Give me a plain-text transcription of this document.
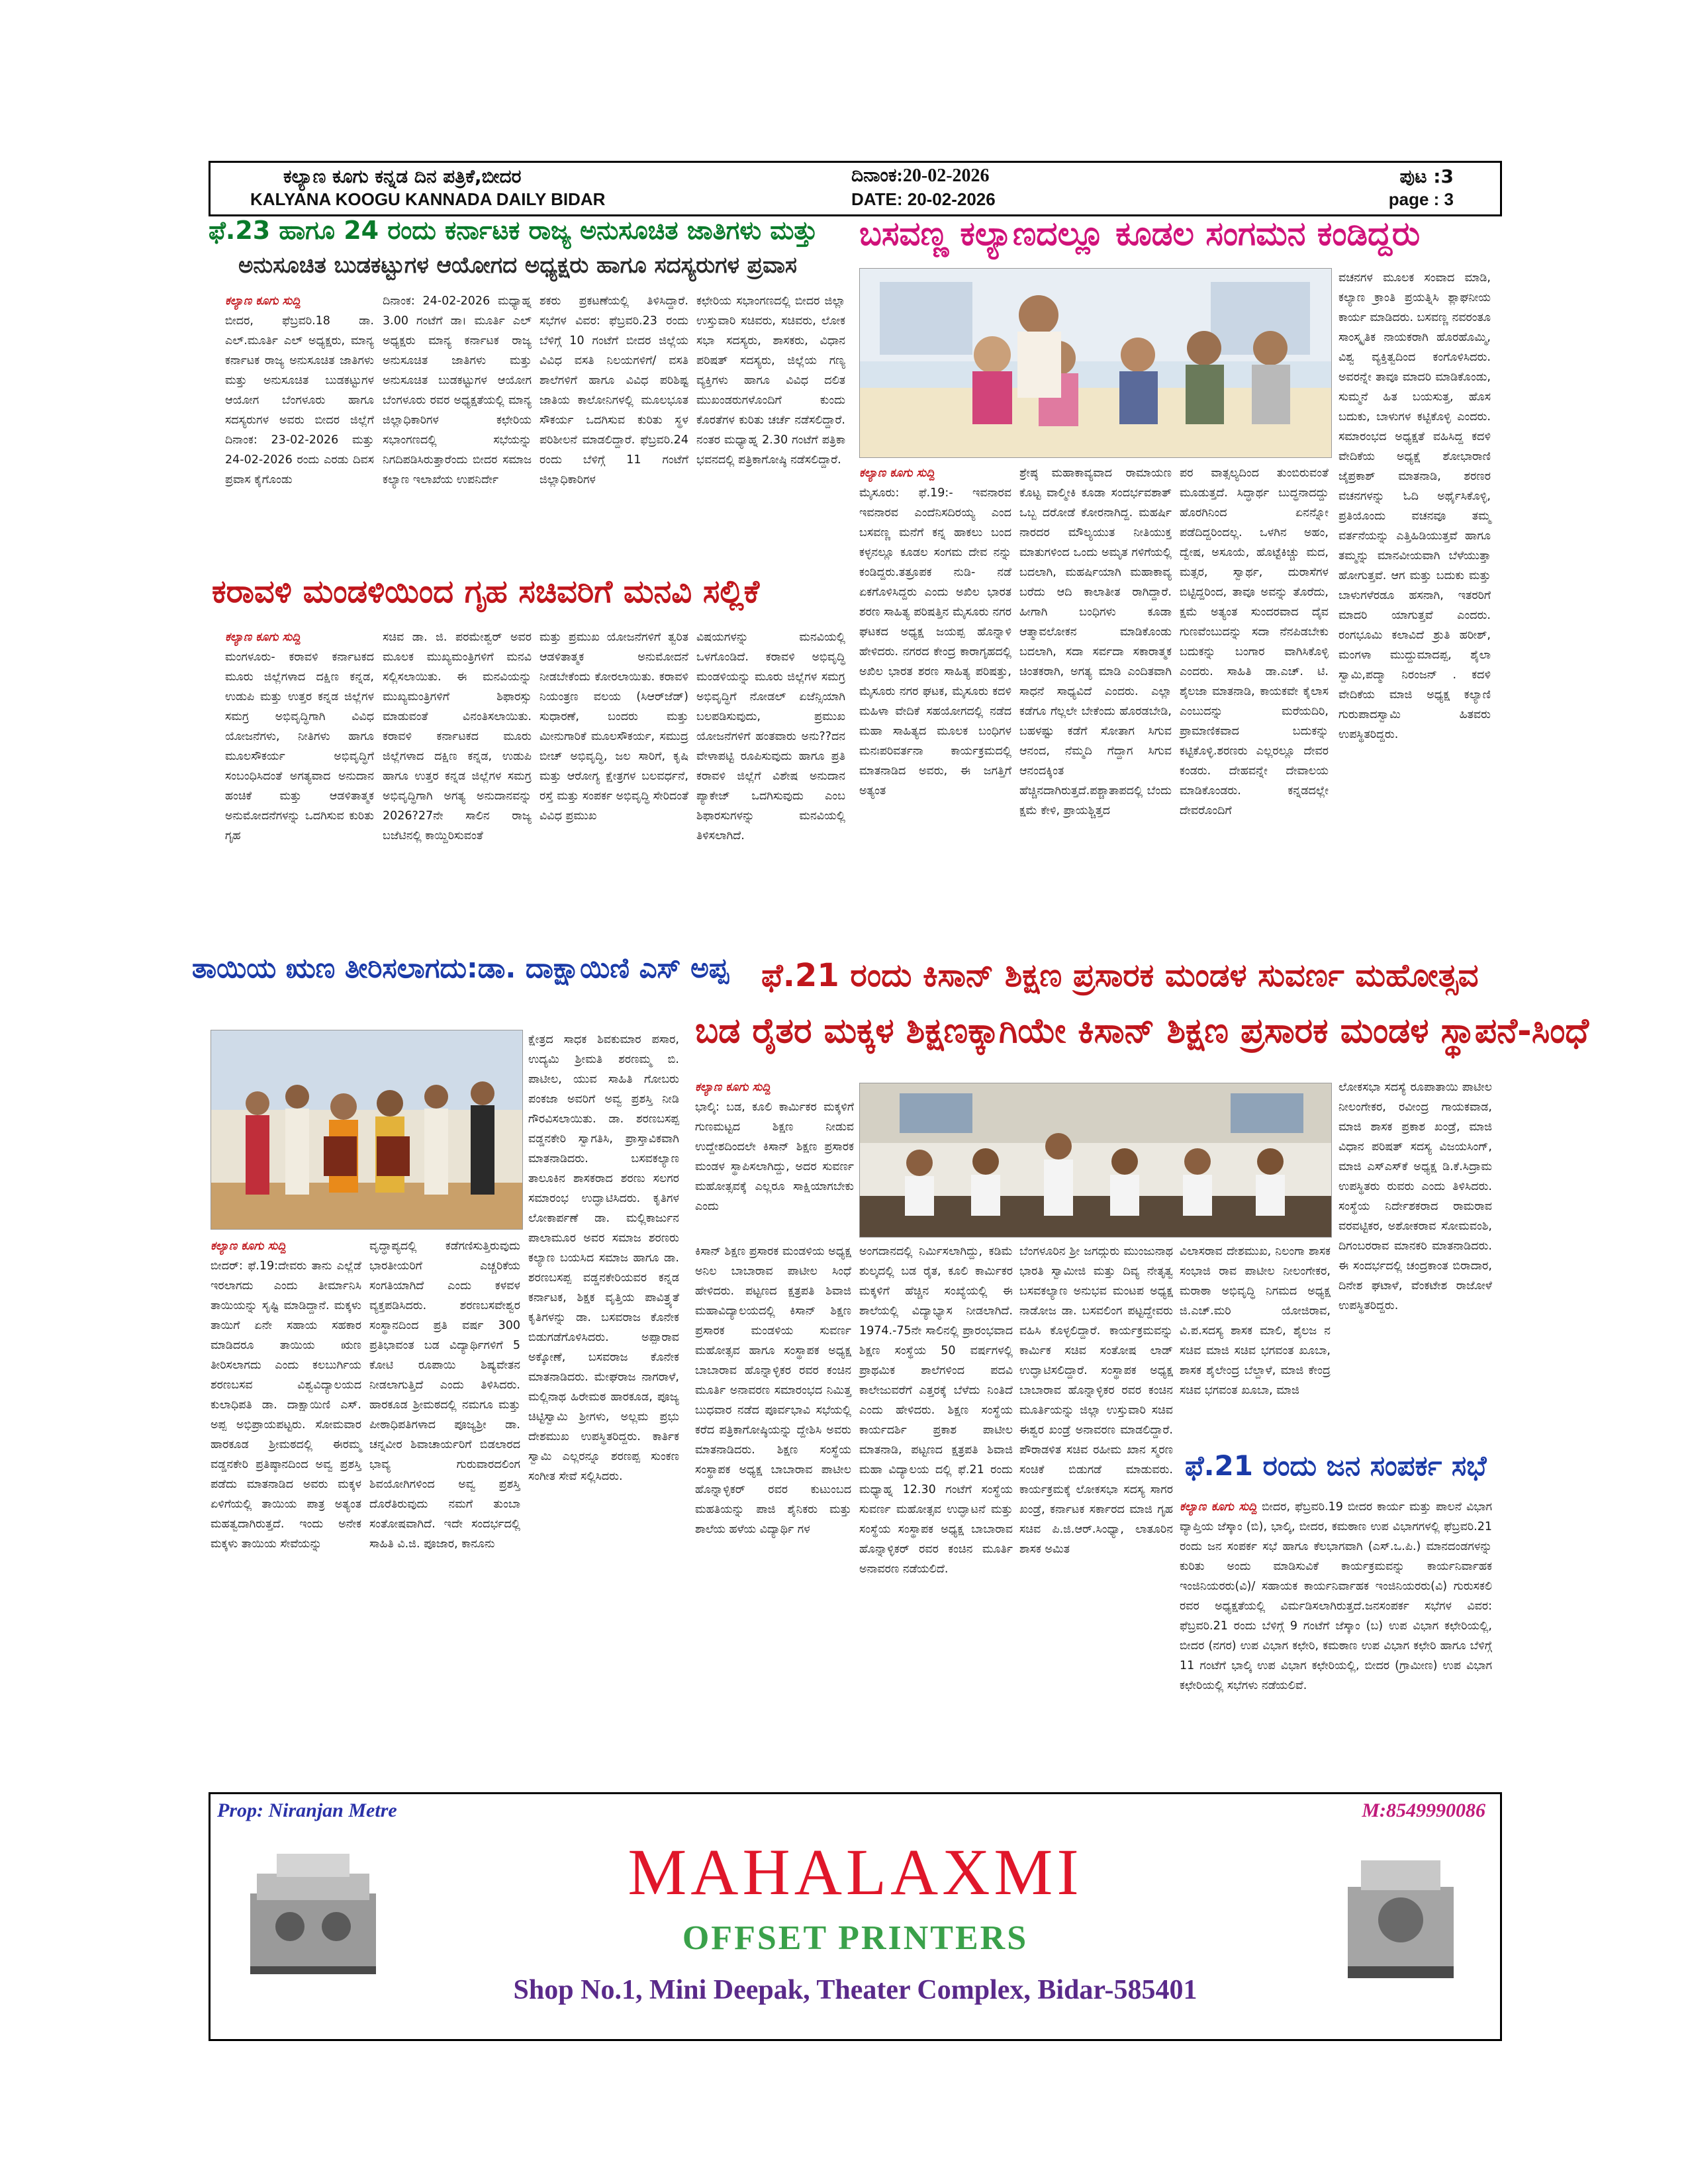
ಕಲ್ಯಾಣ ಕೂಗು ಕನ್ನಡ ದಿನ ಪತ್ರಿಕೆ,ಬೀದರ
KALYANA KOOGU KANNADA DAILY BIDAR
ದಿನಾಂಕ:20-02-2026
DATE: 20-02-2026
ಪುಟ :3
page : 3
ಫೆ.23 ಹಾಗೂ 24 ರಂದು ಕರ್ನಾಟಕ ರಾಜ್ಯ ಅನುಸೂಚಿತ ಜಾತಿಗಳು ಮತ್ತು
ಅನುಸೂಚಿತ ಬುಡಕಟ್ಟುಗಳ ಆಯೋಗದ ಅಧ್ಯಕ್ಷರು ಹಾಗೂ ಸದಸ್ಯರುಗಳ ಪ್ರವಾಸ

ಕಲ್ಯಾಣ ಕೂಗು ಸುದ್ದಿ

ಬೀದರ, ಫೆಬ್ರವರಿ.18 ಡಾ. ಎಲ್.ಮೂರ್ತಿ ಎಲ್ ಅಧ್ಯಕ್ಷರು, ಮಾನ್ಯ ಕರ್ನಾಟಕ ರಾಜ್ಯ ಅನುಸೂಚಿತ ಜಾತಿಗಳು ಮತ್ತು ಅನುಸೂಚಿತ ಬುಡಕಟ್ಟುಗಳ ಆಯೋಗ ಬೆಂಗಳೂರು ಹಾಗೂ ಸದಸ್ಯರುಗಳ ಅವರು ಬೀದರ ಜಿಲ್ಲೆಗೆ ದಿನಾಂಕ: 23-02-2026 ಮತ್ತು 24-02-2026 ರಂದು ಎರಡು ದಿವಸ ಪ್ರವಾಸ ಕೈಗೊಂಡು

ದಿನಾಂಕ: 24-02-2026 ಮಧ್ಯಾಹ್ನ 3.00 ಗಂಟೆಗೆ ಡಾ। ಮೂರ್ತಿ ಎಲ್ ಅಧ್ಯಕ್ಷರು ಮಾನ್ಯ ಕರ್ನಾಟಕ ರಾಜ್ಯ ಅನುಸೂಚಿತ ಜಾತಿಗಳು ಮತ್ತು ಅನುಸೂಚಿತ ಬುಡಕಟ್ಟುಗಳ ಆಯೋಗ ಬೆಂಗಳೂರು ರವರ ಅಧ್ಯಕ್ಷತೆಯಲ್ಲಿ ಮಾನ್ಯ ಜಿಲ್ಲಾಧಿಕಾರಿಗಳ ಕಛೇರಿಯ ಸಭಾಂಗಣದಲ್ಲಿ ಸಭೆಯನ್ನು ನಿಗದಿಪಡಿಸಿರುತ್ತಾರೆಂದು ಬೀದರ ಸಮಾಜ ಕಲ್ಯಾಣ ಇಲಾಖೆಯ ಉಪನಿರ್ದೇ

ಶಕರು ಪ್ರಕಟಣೆಯಲ್ಲಿ ತಿಳಿಸಿದ್ದಾರೆ. ಸಭೆಗಳ ವಿವರ: ಫೆಬ್ರವರಿ.23 ರಂದು ಬೆಳಿಗ್ಗೆ 10 ಗಂಟೆಗೆ ಬೀದರ ಜಿಲ್ಲೆಯ ವಿವಿಧ ವಸತಿ ನಿಲಯಗಳಿಗೆ/ ವಸತಿ ಶಾಲೆಗಳಿಗೆ ಹಾಗೂ ವಿವಿಧ ಪರಿಶಿಷ್ಟ ಜಾತಿಯ ಕಾಲೋನಿಗಳಲ್ಲಿ ಮೂಲಭೂತ ಸೌಕರ್ಯ ಒದಗಿಸುವ ಕುರಿತು ಸ್ಥಳ ಪರಿಶೀಲನೆ ಮಾಡಲಿದ್ದಾರೆ. ಫೆಬ್ರವರಿ.24 ರಂದು ಬೆಳಿಗ್ಗೆ 11 ಗಂಟೆಗೆ ಜಿಲ್ಲಾಧಿಕಾರಿಗಳ

ಕಛೇರಿಯ ಸಭಾಂಗಣದಲ್ಲಿ ಬೀದರ ಜಿಲ್ಲಾ ಉಸ್ತುವಾರಿ ಸಚಿವರು, ಸಚಿವರು, ಲೋಕ ಸಭಾ ಸದಸ್ಯರು, ಶಾಸಕರು, ವಿಧಾನ ಪರಿಷತ್ ಸದಸ್ಯರು, ಜಿಲ್ಲೆಯ ಗಣ್ಯ ವ್ಯಕ್ತಿಗಳು ಹಾಗೂ ವಿವಿಧ ದಲಿತ ಮುಖಂಡರುಗಳೊಂದಿಗೆ ಕುಂದು ಕೊರತೆಗಳ ಕುರಿತು ಚರ್ಚೆ ನಡೆಸಲಿದ್ದಾರೆ. ನಂತರ ಮಧ್ಯಾಹ್ನ 2.30 ಗಂಟೆಗೆ ಪತ್ರಿಕಾ ಭವನದಲ್ಲಿ ಪತ್ರಿಕಾಗೋಷ್ಠಿ ನಡೆಸಲಿದ್ದಾರೆ.

ಕರಾವಳಿ ಮಂಡಳಿಯಿಂದ ಗೃಹ ಸಚಿವರಿಗೆ ಮನವಿ ಸಲ್ಲಿಕೆ

ಕಲ್ಯಾಣ ಕೂಗು ಸುದ್ದಿ

ಮಂಗಳೂರು- ಕರಾವಳಿ ಕರ್ನಾಟಕದ ಮೂರು ಜಿಲ್ಲೆಗಳಾದ ದಕ್ಷಿಣ ಕನ್ನಡ, ಉಡುಪಿ ಮತ್ತು ಉತ್ತರ ಕನ್ನಡ ಜಿಲ್ಲೆಗಳ ಸಮಗ್ರ ಅಭಿವೃದ್ಧಿಗಾಗಿ ವಿವಿಧ ಯೋಜನೆಗಳು, ನೀತಿಗಳು ಹಾಗೂ ಮೂಲಸೌಕರ್ಯ ಅಭಿವೃದ್ಧಿಗೆ ಸಂಬಂಧಿಸಿದಂತೆ ಅಗತ್ಯವಾದ ಅನುದಾನ ಹಂಚಿಕೆ ಮತ್ತು ಆಡಳಿತಾತ್ಮಕ ಅನುಮೋದನೆಗಳನ್ನು ಒದಗಿಸುವ ಕುರಿತು ಗೃಹ

ಸಚಿವ ಡಾ. ಜಿ. ಪರಮೇಶ್ವರ್ ಅವರ ಮೂಲಕ ಮುಖ್ಯಮಂತ್ರಿಗಳಿಗೆ ಮನವಿ ಸಲ್ಲಿಸಲಾಯಿತು. ಈ ಮನವಿಯನ್ನು ಮುಖ್ಯಮಂತ್ರಿಗಳಿಗೆ ಶಿಫಾರಸ್ಸು ಮಾಡುವಂತೆ ವಿನಂತಿಸಲಾಯಿತು. ಕರಾವಳಿ ಕರ್ನಾಟಕದ ಮೂರು ಜಿಲ್ಲೆಗಳಾದ ದಕ್ಷಿಣ ಕನ್ನಡ, ಉಡುಪಿ ಹಾಗೂ ಉತ್ತರ ಕನ್ನಡ ಜಿಲ್ಲೆಗಳ ಸಮಗ್ರ ಅಭಿವೃದ್ಧಿಗಾಗಿ ಅಗತ್ಯ ಅನುದಾನವನ್ನು 2026?27ನೇ ಸಾಲಿನ ರಾಜ್ಯ ಬಜೆಟಿನಲ್ಲಿ ಕಾಯ್ದಿರಿಸುವಂತೆ

ಮತ್ತು ಪ್ರಮುಖ ಯೋಜನೆಗಳಿಗೆ ತ್ವರಿತ ಆಡಳಿತಾತ್ಮಕ ಅನುಮೋದನೆ ನೀಡಬೇಕೆಂದು ಕೋರಲಾಯಿತು. ಕರಾವಳಿ ನಿಯಂತ್ರಣ ವಲಯ (ಸಿಆರ್‌ಜೆಡ್) ಸುಧಾರಣೆ, ಬಂದರು ಮತ್ತು ಮೀನುಗಾರಿಕೆ ಮೂಲಸೌಕರ್ಯ, ಸಮುದ್ರ ಬೀಚ್ ಅಭಿವೃದ್ಧಿ, ಜಲ ಸಾರಿಗೆ, ಕೃಷಿ ಮತ್ತು ಆರೋಗ್ಯ ಕ್ಷೇತ್ರಗಳ ಬಲವರ್ಧನೆ, ರಸ್ತೆ ಮತ್ತು ಸಂಪರ್ಕ ಅಭಿವೃದ್ಧಿ ಸೇರಿದಂತೆ ವಿವಿಧ ಪ್ರಮುಖ

ವಿಷಯಗಳನ್ನು ಮನವಿಯಲ್ಲಿ ಒಳಗೊಂಡಿದೆ. ಕರಾವಳಿ ಅಭಿವೃದ್ಧಿ ಮಂಡಳಿಯನ್ನು ಮೂರು ಜಿಲ್ಲೆಗಳ ಸಮಗ್ರ ಅಭಿವೃದ್ಧಿಗೆ ನೋಡಲ್ ಏಜೆನ್ಸಿಯಾಗಿ ಬಲಪಡಿಸುವುದು, ಪ್ರಮುಖ ಯೋಜನೆಗಳಿಗೆ ಹಂತವಾರು ಅನು??ದನ ವೇಳಾಪಟ್ಟಿ ರೂಪಿಸುವುದು ಹಾಗೂ ಪ್ರತಿ ಕರಾವಳಿ ಜಿಲ್ಲೆಗೆ ವಿಶೇಷ ಅನುದಾನ ಪ್ಯಾಕೇಜ್ ಒದಗಿಸುವುದು ಎಂಬ ಶಿಫಾರಸುಗಳನ್ನು ಮನವಿಯಲ್ಲಿ ತಿಳಿಸಲಾಗಿದೆ.

ಬಸವಣ್ಣ ಕಲ್ಯಾಣದಲ್ಲೂ ಕೂಡಲ ಸಂಗಮನ ಕಂಡಿದ್ದರು

ಕಲ್ಯಾಣ ಕೂಗು ಸುದ್ದಿ

ಮೈಸೂರು: ಫೆ.19:- ಇವನಾರವ ಇವನಾರವ ಎಂದೆನಿಸದಿರಯ್ಯ ಎಂದ ಬಸವಣ್ಣ ಮನೆಗೆ ಕನ್ನ ಹಾಕಲು ಬಂದ ಕಳ್ಳನಲ್ಲೂ ಕೂಡಲ ಸಂಗಮ ದೇವ ನನ್ನು ಕಂಡಿದ್ದರು.ತತ್ರೂಪಕ ನುಡಿ- ನಡೆ ಏಕಗೊಳಿಸಿದ್ದರು ಎಂದು ಅಖಿಲ ಭಾರತ ಶರಣ ಸಾಹಿತ್ಯ ಪರಿಷತ್ತಿನ ಮೈಸೂರು ನಗರ ಘಟಕದ ಅಧ್ಯಕ್ಷ ಜಯಪ್ಪ ಹೊನ್ನಾಳಿ ಹೇಳಿದರು. ನಗರದ ಕೇಂದ್ರ ಕಾರಾಗೃಹದಲ್ಲಿ ಅಖಿಲ ಭಾರತ ಶರಣ ಸಾಹಿತ್ಯ ಪರಿಷತ್ತು, ಮೈಸೂರು ನಗರ ಘಟಕ, ಮೈಸೂರು ಕದಳಿ ಮಹಿಳಾ ವೇದಿಕೆ ಸಹಯೋಗದಲ್ಲಿ ನಡೆದ ಮಹಾ ಸಾಹಿತ್ಯದ ಮೂಲಕ ಬಂಧಿಗಳ ಮನಃಪರಿವರ್ತನಾ ಕಾರ್ಯಕ್ರಮದಲ್ಲಿ ಮಾತನಾಡಿದ ಅವರು, ಈ ಜಗತ್ತಿಗೆ ಅತ್ಯಂತ

ಶ್ರೇಷ್ಠ ಮಹಾಕಾವ್ಯವಾದ ರಾಮಾಯಣ ಕೊಟ್ಟ ವಾಲ್ಮೀಕಿ ಕೂಡಾ ಸಂದರ್ಭವಶಾತ್ ಒಬ್ಬ ದರೋಡೆ ಕೋರನಾಗಿದ್ದ. ಮಹರ್ಷಿ ನಾರದರ ಮೌಲ್ಯಯುತ ನೀತಿಯುಕ್ತ ಮಾತುಗಳಿಂದ ಒಂದು ಅಮೃತ ಗಳಿಗೆಯಲ್ಲಿ ಬದಲಾಗಿ, ಮಹರ್ಷಿಯಾಗಿ ಮಹಾಕಾವ್ಯ ಬರೆದು ಆದಿ ಕಾಲಾತೀತ ರಾಗಿದ್ದಾರೆ. ಹೀಗಾಗಿ ಬಂಧಿಗಳು ಕೂಡಾ ಆತ್ಮಾವಲೋಕನ ಮಾಡಿಕೊಂಡು ಬದಲಾಗಿ, ಸದಾ ಸರ್ವದಾ ಸಕಾರಾತ್ಮಕ ಚಿಂತಕರಾಗಿ, ಅಗತ್ಯ ಮಾಡಿ ಎಂದಿತವಾಗಿ ಸಾಧನೆ ಸಾಧ್ಯವಿದೆ ಎಂದರು. ಎಲ್ಲಾ ಕಡೆಗೂ ಗೆಲ್ಲಲೇ ಬೇಕೆಂದು ಹೊರಡಬೇಡಿ, ಬಹಳಷ್ಟು ಕಡೆಗೆ ಸೋತಾಗ ಸಿಗುವ ಆನಂದ, ನೆಮ್ಮದಿ ಗೆದ್ದಾಗ ಸಿಗುವ ಆನಂದಕ್ಕಿಂತ ಹೆಚ್ಚಿನದಾಗಿರುತ್ತದೆ.ಪಶ್ಚಾತಾಪದಲ್ಲಿ ಬೆಂದು ಕ್ಷಮೆ ಕೇಳಿ, ಪ್ರಾಯಶ್ಚಿತ್ತದ

ಪರ ವಾತ್ಸಲ್ಯದಿಂದ ತುಂಬಿರುವಂತೆ ಮೂಡುತ್ತದೆ. ಸಿದ್ಧಾರ್ಥ ಬುದ್ಧನಾದದ್ದು ಹೊರಗಿನಿಂದ ಏನನ್ನೋ ಪಡೆದಿದ್ದರಿಂದಲ್ಲ. ಒಳಗಿನ ಅಹಂ, ದ್ವೇಷ, ಅಸೂಯೆ, ಹೊಟ್ಟೆಕಿಚ್ಚು ಮದ, ಮತ್ಸರ, ಸ್ವಾರ್ಥ, ದುರಾಸೆಗಳ ಬಿಟ್ಟಿದ್ದರಿಂದ, ತಾವೂ ಅವನ್ನು ತೊರೆದು, ಕ್ಷಮೆ ಅತ್ಯಂತ ಸುಂದರವಾದ ದೈವ ಗುಣವೆಂಬುದನ್ನು ಸದಾ ನೆನಪಿಡಬೇಕು ಬದುಕನ್ನು ಬಂಗಾರ ವಾಗಿಸಿಕೊಳ್ಳಿ ಎಂದರು. ಸಾಹಿತಿ ಡಾ.ಎಚ್. ಟಿ. ಶೈಲಜಾ ಮಾತನಾಡಿ, ಕಾಯಕವೇ ಕೈಲಾಸ ಎಂಬುದನ್ನು ಮರೆಯದಿರಿ, ಪ್ರಾಮಾಣಿಕವಾದ ಬದುಕನ್ನು ಕಟ್ಟಿಕೊಳ್ಳಿ.ಶರಣರು ಎಲ್ಲರಲ್ಲೂ ದೇವರ ಕಂಡರು. ದೇಹವನ್ನೇ ದೇವಾಲಯ ಮಾಡಿಕೊಂಡರು. ಕನ್ನಡದಲ್ಲೇ ದೇವರೊಂದಿಗೆ

ವಚನಗಳ ಮೂಲಕ ಸಂವಾದ ಮಾಡಿ, ಕಲ್ಯಾಣ ಕ್ರಾಂತಿ ಪ್ರಯತ್ನಿಸಿ ಶ್ಲಾಘನೀಯ ಕಾರ್ಯ ಮಾಡಿದರು. ಬಸವಣ್ಣ ನವರಂತೂ ಸಾಂಸ್ಕೃತಿಕ ನಾಯಕರಾಗಿ ಹೊರಹೊಮ್ಮಿ, ವಿಶ್ವ ವ್ಯಕ್ತಿತ್ವದಿಂದ ಕಂಗೊಳಿಸಿದರು. ಅವರನ್ನೇ ತಾವೂ ಮಾದರಿ ಮಾಡಿಕೊಂಡು, ಸುಮ್ಮನೆ ಹಿತ ಬಯಸುತ್ತ, ಹೊಸ ಬದುಕು, ಬಾಳುಗಳ ಕಟ್ಟಿಕೊಳ್ಳಿ ಎಂದರು. ಸಮಾರಂಭದ ಅಧ್ಯಕ್ಷತೆ ವಹಿಸಿದ್ದ ಕದಳಿ ವೇದಿಕೆಯ ಅಧ್ಯಕ್ಷೆ ಶೋಭಾರಾಣಿ ಜೈಪ್ರಕಾಶ್ ಮಾತನಾಡಿ, ಶರಣರ ವಚನಗಳನ್ನು ಓದಿ ಅರ್ಥೈಸಿಕೊಳ್ಳಿ, ಪ್ರತಿಯೊಂದು ವಚನವೂ ತಮ್ಮ ವರ್ತನೆಯನ್ನು ಎತ್ತಿಹಿಡಿಯುತ್ತವೆ ಹಾಗೂ ತಮ್ಮನ್ನು ಮಾನವೀಯವಾಗಿ ಬೆಳೆಯುತ್ತಾ ಹೋಗುತ್ತವೆ. ಆಗ ಮತ್ತು ಬದುಕು ಮತ್ತು ಬಾಳುಗಳೆರಡೂ ಹಸನಾಗಿ, ಇತರರಿಗೆ ಮಾದರಿ ಯಾಗುತ್ತವೆ ಎಂದರು. ರಂಗಭೂಮಿ ಕಲಾವಿದೆ ಶ್ರುತಿ ಹರೀಶ್, ಮಂಗಳಾ ಮುದ್ದುಮಾದಪ್ಪ, ಶೈಲಾ ಸ್ವಾಮಿ,ಪದ್ಮಾ ನಿರಂಜನ್ . ಕದಳಿ ವೇದಿಕೆಯ ಮಾಜಿ ಅಧ್ಯಕ್ಷ ಕಲ್ಯಾಣಿ ಗುರುಪಾದಸ್ವಾಮಿ ಹಿತವರು ಉಪಸ್ಥಿತರಿದ್ದರು.

ತಾಯಿಯ ಋಣ ತೀರಿಸಲಾಗದು:ಡಾ. ದಾಕ್ಷಾಯಿಣಿ ಎಸ್ ಅಪ್ಪ

ಕಲ್ಯಾಣ ಕೂಗು ಸುದ್ದಿ

ಬೀದರ್: ಫೆ.19:ದೇವರು ತಾನು ಎಲ್ಲೆಡೆ ಇರಲಾಗದು ಎಂದು ತೀರ್ಮಾನಿಸಿ ತಾಯಿಯನ್ನು ಸೃಷ್ಟಿ ಮಾಡಿದ್ದಾನೆ. ಮಕ್ಕಳು ತಾಯಿಗೆ ಏನೇ ಸಹಾಯ ಸಹಕಾರ ಮಾಡಿದರೂ ತಾಯಿಯ ಋಣ ತೀರಿಸಲಾಗದು ಎಂದು ಕಲಬುರ್ಗಿಯ ಶರಣಬಸವ ವಿಶ್ವವಿದ್ಯಾಲಯದ ಕುಲಾಧಿಪತಿ ಡಾ. ದಾಕ್ಷಾಯಿಣಿ ಎಸ್. ಅಪ್ಪ ಅಭಿಪ್ರಾಯಪಟ್ಟರು. ಸೋಮವಾರ ಹಾರಕೂಡ ಶ್ರೀಮಠದಲ್ಲಿ ಈರಮ್ಮ ವಡ್ಡನಕೇರಿ ಪ್ರತಿಷ್ಠಾನದಿಂದ ಅವ್ವ ಪ್ರಶಸ್ತಿ ಪಡೆದು ಮಾತನಾಡಿದ ಅವರು ಮಕ್ಕಳ ಏಳಿಗೆಯಲ್ಲಿ ತಾಯಿಯ ಪಾತ್ರ ಅತ್ಯಂತ ಮಹತ್ವದಾಗಿರುತ್ತದೆ. ಇಂದು ಅನೇಕ ಮಕ್ಕಳು ತಾಯಿಯ ಸೇವೆಯನ್ನು

ವೃದ್ಧಾಪ್ಯದಲ್ಲಿ ಕಡೆಗಣಿಸುತ್ತಿರುವುದು ಭಾರತೀಯರಿಗೆ ಎಚ್ಚರಿಕೆಯ ಸಂಗತಿಯಾಗಿದೆ ಎಂದು ಕಳವಳ ವ್ಯಕ್ತಪಡಿಸಿದರು. ಶರಣಬಸವೇಶ್ವರ ಸಂಸ್ಥಾನದಿಂದ ಪ್ರತಿ ವರ್ಷ 300 ಪ್ರತಿಭಾವಂತ ಬಡ ವಿದ್ಯಾರ್ಥಿಗಳಿಗೆ 5 ಕೋಟಿ ರೂಪಾಯಿ ಶಿಷ್ಯವೇತನ ನೀಡಲಾಗುತ್ತಿದೆ ಎಂದು ತಿಳಿಸಿದರು. ಹಾರಕೂಡ ಶ್ರೀಮಠದಲ್ಲಿ ನಮಗೂ ಮತ್ತು ಪೀಠಾಧಿಪತಿಗಳಾದ ಪೂಜ್ಯಶ್ರೀ ಡಾ. ಚನ್ನವೀರ ಶಿವಾಚಾರ್ಯರಿಗೆ ಬಿಡಲಾರದ ಭಾವ್ಯ ಗುರುವಾರದಲಿಂಗ ಶಿವಯೋಗಿಗಳಿಂದ ಅವ್ವ ಪ್ರಶಸ್ತಿ ದೊರೆತಿರುವುದು ನಮಗೆ ತುಂಬಾ ಸಂತೋಷವಾಗಿದೆ. ಇದೇ ಸಂದರ್ಭದಲ್ಲಿ ಸಾಹಿತಿ ವಿ.ಜಿ. ಪೂಜಾರ, ಕಾನೂನು

ಕ್ಷೇತ್ರದ ಸಾಧಕ ಶಿವಕುಮಾರ ಪಸಾರ, ಉದ್ಯಮಿ ಶ್ರೀಮತಿ ಶರಣಮ್ಮ ಬಿ. ಪಾಟೀಲ, ಯುವ ಸಾಹಿತಿ ಗೋಬರು ಪಂಕಜಾ ಅವರಿಗೆ ಅವ್ವ ಪ್ರಶಸ್ತಿ ನೀಡಿ ಗೌರವಿಸಲಾಯಿತು. ಡಾ. ಶರಣಬಸಪ್ಪ ವಡ್ಡನಕೇರಿ ಸ್ವಾಗತಿಸಿ, ಪ್ರಾಸ್ತಾವಿಕವಾಗಿ ಮಾತನಾಡಿದರು. ಬಸವಕಲ್ಯಾಣ ತಾಲೂಕಿನ ಶಾಸಕರಾದ ಶರಣು ಸಲಗರ ಸಮಾರಂಭ ಉದ್ಘಾಟಿಸಿದರು. ಕೃತಿಗಳ ಲೋಕಾರ್ಪಣೆ ಡಾ. ಮಲ್ಲಿಕಾರ್ಜುನ ಪಾಲಾಮೂರ ಅವರ ಸಮಾಜ ಶರಣರು ಕಲ್ಯಾಣ ಬಯಸಿದ ಸಮಾಜ ಹಾಗೂ ಡಾ. ಶರಣಬಸಪ್ಪ ವಡ್ಡನಕೇರಿಯವರ ಕನ್ನಡ ಕರ್ನಾಟಕ, ಶಿಕ್ಷಕ ವೃತ್ತಿಯ ಪಾವಿತ್ರ್ಯತೆ ಕೃತಿಗಳನ್ನು ಡಾ. ಬಸವರಾಜ ಕೊನೇಕ ಬಿಡುಗಡೆಗೊಳಿಸಿದರು. ಅಪ್ಪಾರಾವ ಅಕ್ಕೋಣೆ, ಬಸವರಾಜ ಕೊನೇಕ ಮಾತನಾಡಿದರು. ಮೇಘರಾಜ ನಾಗರಾಳೆ, ಮಲ್ಲಿನಾಥ ಹಿರೇಮಠ ಹಾರಕೂಡ, ಪೂಜ್ಯ ಚಿಟ್ಟಿಸ್ವಾಮಿ ಶ್ರೀಗಳು, ಅಲ್ಲಮ ಪ್ರಭು ದೇಶಮುಖ ಉಪಸ್ಥಿತರಿದ್ದರು. ಕಾರ್ತಿಕ ಸ್ವಾಮಿ ಎಲ್ಲರನ್ನೂ ಶರಣಪ್ಪ ಸುಂಕಣ ಸಂಗೀತ ಸೇವೆ ಸಲ್ಲಿಸಿದರು.

ಫೆ.21 ರಂದು ಕಿಸಾನ್ ಶಿಕ್ಷಣ ಪ್ರಸಾರಕ ಮಂಡಳ ಸುವರ್ಣ ಮಹೋತ್ಸವ
ಬಡ ರೈತರ ಮಕ್ಕಳ ಶಿಕ್ಷಣಕ್ಕಾಗಿಯೇ ಕಿಸಾನ್ ಶಿಕ್ಷಣ ಪ್ರಸಾರಕ ಮಂಡಳ ಸ್ಥಾಪನೆ-ಸಿಂಧೆ

ಕಲ್ಯಾಣ ಕೂಗು ಸುದ್ದಿ

ಭಾಲ್ಕಿ: ಬಡ, ಕೂಲಿ ಕಾರ್ಮಿಕರ ಮಕ್ಕಳಿಗೆ ಗುಣಮಟ್ಟದ ಶಿಕ್ಷಣ ನೀಡುವ ಉದ್ದೇಶದಿಂದಲೇ ಕಿಸಾನ್ ಶಿಕ್ಷಣ ಪ್ರಸಾರಕ ಮಂಡಳ ಸ್ಥಾಪಿಸಲಾಗಿದ್ದು, ಅದರ ಸುವರ್ಣ ಮಹೋತ್ಸವಕ್ಕೆ ಎಲ್ಲರೂ ಸಾಕ್ಷಿಯಾಗಬೇಕು ಎಂದು

ಅಂಗದಾನದಲ್ಲಿ ನಿರ್ಮಿಸಲಾಗಿದ್ದು, ಕಡಿಮೆ ಶುಲ್ಕದಲ್ಲಿ ಬಡ ರೈತ, ಕೂಲಿ ಕಾರ್ಮಿಕರ ಮಕ್ಕಳಿಗೆ ಹೆಚ್ಚಿನ ಸಂಖ್ಯೆಯಲ್ಲಿ ಈ ಶಾಲೆಯಲ್ಲಿ ವಿದ್ಯಾಭ್ಯಾಸ ನೀಡಲಾಗಿದೆ. 1974.-75ನೇ ಸಾಲಿನಲ್ಲಿ ಪ್ರಾರಂಭವಾದ ಶಿಕ್ಷಣ ಸಂಸ್ಥೆಯ 50 ವರ್ಷಗಳಲ್ಲಿ ಪ್ರಾಥಮಿಕ ಶಾಲೆಗಳಿಂದ ಪದವಿ ಕಾಲೇಜುವರೆಗೆ ಎತ್ತರಕ್ಕೆ ಬೆಳೆದು ನಿಂತಿದೆ ಎಂದು ಹೇಳಿದರು. ಶಿಕ್ಷಣ ಸಂಸ್ಥೆಯ ಕಾರ್ಯದರ್ಶಿ ಪ್ರಕಾಶ ಪಾಟೀಲ ಮಾತನಾಡಿ, ಪಟ್ಟಣದ ಕ್ಷತ್ರಪತಿ ಶಿವಾಜಿ ಮಹಾ ವಿದ್ಯಾಲಯ ದಲ್ಲಿ ಫೆ.21 ರಂದು ಮಧ್ಯಾಹ್ನ 12.30 ಗಂಟೆಗೆ ಸಂಸ್ಥೆಯ ಸುವರ್ಣ ಮಹೋತ್ಸವ ಉದ್ಘಾಟನೆ ಮತ್ತು ಸಂಸ್ಥೆಯ ಸಂಸ್ಥಾಪಕ ಅಧ್ಯಕ್ಷ ಬಾಬಾರಾವ ಹೊನ್ನಾಳ್ಳಿಕರ್ ರವರ ಕಂಚಿನ ಮೂರ್ತಿ ಅನಾವರಣ ನಡೆಯಲಿದೆ.

ಕಿಸಾನ್ ಶಿಕ್ಷಣ ಪ್ರಸಾರಕ ಮಂಡಳಿಯ ಅಧ್ಯಕ್ಷ ಅನಿಲ ಬಾಬಾರಾವ ಪಾಟೀಲ ಸಿಂಧೆ ಹೇಳಿದರು. ಪಟ್ಟಣದ ಕ್ಷತ್ರಪತಿ ಶಿವಾಜಿ ಮಹಾವಿದ್ಯಾಲಯದಲ್ಲಿ ಕಿಸಾನ್ ಶಿಕ್ಷಣ ಪ್ರಸಾರಕ ಮಂಡಳಿಯ ಸುವರ್ಣ ಮಹೋತ್ಸವ ಹಾಗೂ ಸಂಸ್ಥಾಪಕ ಅಧ್ಯಕ್ಷ ಬಾಬಾರಾವ ಹೊನ್ನಾಳ್ಳಿಕರ ರವರ ಕಂಚಿನ ಮೂರ್ತಿ ಅನಾವರಣ ಸಮಾರಂಭದ ನಿಮಿತ್ತ ಬುಧವಾರ ನಡೆದ ಪೂರ್ವಭಾವಿ ಸಭೆಯಲ್ಲಿ ಕರೆದ ಪತ್ರಿಕಾಗೋಷ್ಠಿಯನ್ನು ದ್ದೇಶಿಸಿ ಅವರು ಮಾತನಾಡಿದರು. ಶಿಕ್ಷಣ ಸಂಸ್ಥೆಯ ಸಂಸ್ಥಾಪಕ ಅಧ್ಯಕ್ಷ ಬಾಬಾರಾವ ಪಾಟೀಲ ಹೊನ್ನಾಳ್ಳಿಕರ್ ರವರ ಕುಟುಂಬದ ಮಹತಿಯನ್ನು ಪಾಜಿ ಶೈನಿಕರು ಮತ್ತು ಶಾಲೆಯ ಹಳೆಯ ವಿದ್ಯಾರ್ಥಿ ಗಳ

ಬೆಂಗಳೂರಿನ ಶ್ರೀ ಜಗದ್ಗುರು ಮುಂಜುನಾಥ ಭಾರತಿ ಸ್ವಾಮೀಜಿ ಮತ್ತು ದಿವ್ಯ ನೇತೃತ್ವ ಬಸವಕಲ್ಯಾಣ ಅನುಭವ ಮಂಟಪ ಅಧ್ಯಕ್ಷ ನಾಡೋಜ ಡಾ. ಬಸವಲಿಂಗ ಪಟ್ಟದ್ದೇವರು ವಹಿಸಿ ಕೊಳ್ಳಲಿದ್ದಾರೆ. ಕಾರ್ಯಕ್ರಮವನ್ನು ಕಾರ್ಮಿಕ ಸಚಿವ ಸಂತೋಷ ಲಾಡ್ ಉದ್ಘಾಟಿಸಲಿದ್ದಾರೆ. ಸಂಸ್ಥಾಪಕ ಅಧ್ಯಕ್ಷ ಬಾಬಾರಾವ ಹೊನ್ನಾಳ್ಳಿಕರ ರವರ ಕಂಚಿನ ಮೂರ್ತಿಯನ್ನು ಜಿಲ್ಲಾ ಉಸ್ತುವಾರಿ ಸಚಿವ ಈಶ್ವರ ಖಂಡ್ರೆ ಅನಾವರಣ ಮಾಡಲಿದ್ದಾರೆ. ಪೌರಾಡಳಿತ ಸಚಿವ ರಹೀಮ ಖಾನ ಸ್ಮರಣ ಸಂಚಿಕೆ ಬಿಡುಗಡೆ ಮಾಡುವರು. ಕಾರ್ಯಕ್ರಮಕ್ಕೆ ಲೋಕಸಭಾ ಸದಸ್ಯ ಸಾಗರ ಖಂಡ್ರೆ, ಕರ್ನಾಟಕ ಸರ್ಕಾರದ ಮಾಜಿ ಗೃಹ ಸಚಿವ ಪಿ.ಜಿ.ಆರ್.ಸಿಂಧ್ಯಾ, ಲಾತೂರಿನ ಶಾಸಕ ಅಮಿತ

ವಿಲಾಸರಾವ ದೇಶಮುಖ, ನಿಲಂಗಾ ಶಾಸಕ ಸಂಭಾಜಿ ರಾವ ಪಾಟೀಲ ನೀಲಂಗೇಕರ, ಮರಾಠಾ ಅಭಿವೃದ್ಧಿ ನಿಗಮದ ಅಧ್ಯಕ್ಷ ಜಿ.ಎಚ್.ಮರಿ ಯೋಜಿರಾವ, ವಿ.ಪ.ಸದಸ್ಯ ಶಾಸಕ ಮಾಲಿ, ಶೈಲಜ ನ ಸಚಿವ ಮಾಜಿ ಸಚಿವ ಭಗವಂತ ಖೂಬಾ, ಶಾಸಕ ಶೈಲೇಂದ್ರ ಬೆಲ್ದಾಳೆ, ಮಾಜಿ ಕೇಂದ್ರ ಸಚಿವ ಭಗವಂತ ಖೂಬಾ, ಮಾಜಿ

ಲೋಕಸಭಾ ಸದಸ್ಯೆ ರೂಪಾತಾಯಿ ಪಾಟೀಲ ನೀಲಂಗೇಕರ, ರವೀಂದ್ರ ಗಾಯಕವಾಡ, ಮಾಜಿ ಶಾಸಕ ಪ್ರಕಾಶ ಖಂಡ್ರೆ, ಮಾಜಿ ವಿಧಾನ ಪರಿಷತ್ ಸದಸ್ಯ ವಿಜಯಸಿಂಗ್, ಮಾಜಿ ಎಸ್‌ಎಸ್‌ಕೆ ಅಧ್ಯಕ್ಷ ಡಿ.ಕೆ.ಸಿದ್ರಾಮ ಉಪಸ್ಥಿತರು ರುವರು ಎಂದು ತಿಳಿಸಿದರು. ಸಂಸ್ಥೆಯ ನಿರ್ದೇಶಕರಾದ ರಾಮರಾವ ವರವಟ್ಟಿಕರ, ಅಶೋಕರಾವ ಸೋಮವಂಶಿ, ದಿಗಂಬರರಾವ ಮಾನಕರಿ ಮಾತನಾಡಿದರು. ಈ ಸಂದರ್ಭದಲ್ಲಿ ಚಂದ್ರಕಾಂತ ಬಿರಾದಾರ, ದಿನೇಶ ಘಟಾಳೆ, ವೆಂಕಟೇಶ ರಾಜೋಳೆ ಉಪಸ್ಥಿತರಿದ್ದರು.

ಫೆ.21 ರಂದು ಜನ ಸಂಪರ್ಕ ಸಭೆ

ಕಲ್ಯಾಣ ಕೂಗು ಸುದ್ದಿ ಬೀದರ, ಫೆಬ್ರವರಿ.19 ಬೀದರ ಕಾರ್ಯ ಮತ್ತು ಪಾಲನೆ ವಿಭಾಗ ವ್ಯಾಪ್ತಿಯ ಜೆಸ್ಕಾಂ (ಬಿ), ಭಾಲ್ಕಿ, ಬೀದರ, ಕಮಠಾಣ ಉಪ ವಿಭಾಗಗಳಲ್ಲಿ ಫೆಬ್ರವರಿ.21 ರಂದು ಜನ ಸಂಪರ್ಕ ಸಭೆ ಹಾಗೂ ಕೆಲಭಾಗವಾಗಿ (ಎಸ್.ಒ.ಪಿ.) ಮಾನದಂಡಗಳನ್ನು ಕುರಿತು ಅಂದು ಮಾಡಿಸುವಿಕೆ ಕಾರ್ಯಕ್ರಮವನ್ನು ಕಾರ್ಯನಿರ್ವಾಹಕ ಇಂಜಿನಿಯರರು(ವಿ)/ ಸಹಾಯಕ ಕಾರ್ಯನಿರ್ವಾಹಕ ಇಂಜಿನಿಯರರು(ವಿ) ಗುರುಸಕಲಿ ರವರ ಅಧ್ಯಕ್ಷತೆಯಲ್ಲಿ ವಿರ್ಮಡಿಸಲಾಗಿರುತ್ತದೆ.ಜನಸಂಪರ್ಕ ಸಭೆಗಳ ವಿವರ: ಫೆಬ್ರವರಿ.21 ರಂದು ಬೆಳಿಗ್ಗೆ 9 ಗಂಟೆಗೆ ಜೆಸ್ಕಾಂ (ಬ) ಉಪ ವಿಭಾಗ ಕಛೇರಿಯಲ್ಲಿ, ಬೀದರ (ನಗರ) ಉಪ ವಿಭಾಗ ಕಛೇರಿ, ಕಮಠಾಣ ಉಪ ವಿಭಾಗ ಕಛೇರಿ ಹಾಗೂ ಬೆಳಿಗ್ಗೆ 11 ಗಂಟೆಗೆ ಭಾಲ್ಕಿ ಉಪ ವಿಭಾಗ ಕಛೇರಿಯಲ್ಲಿ, ಬೀದರ (ಗ್ರಾಮೀಣ) ಉಪ ವಿಭಾಗ ಕಛೇರಿಯಲ್ಲಿ ಸಭೆಗಳು ನಡೆಯಲಿವೆ.

Prop: Niranjan Metre	M:8549990086
MAHALAXMI
OFFSET PRINTERS
Shop No.1, Mini Deepak, Theater Complex, Bidar-585401
